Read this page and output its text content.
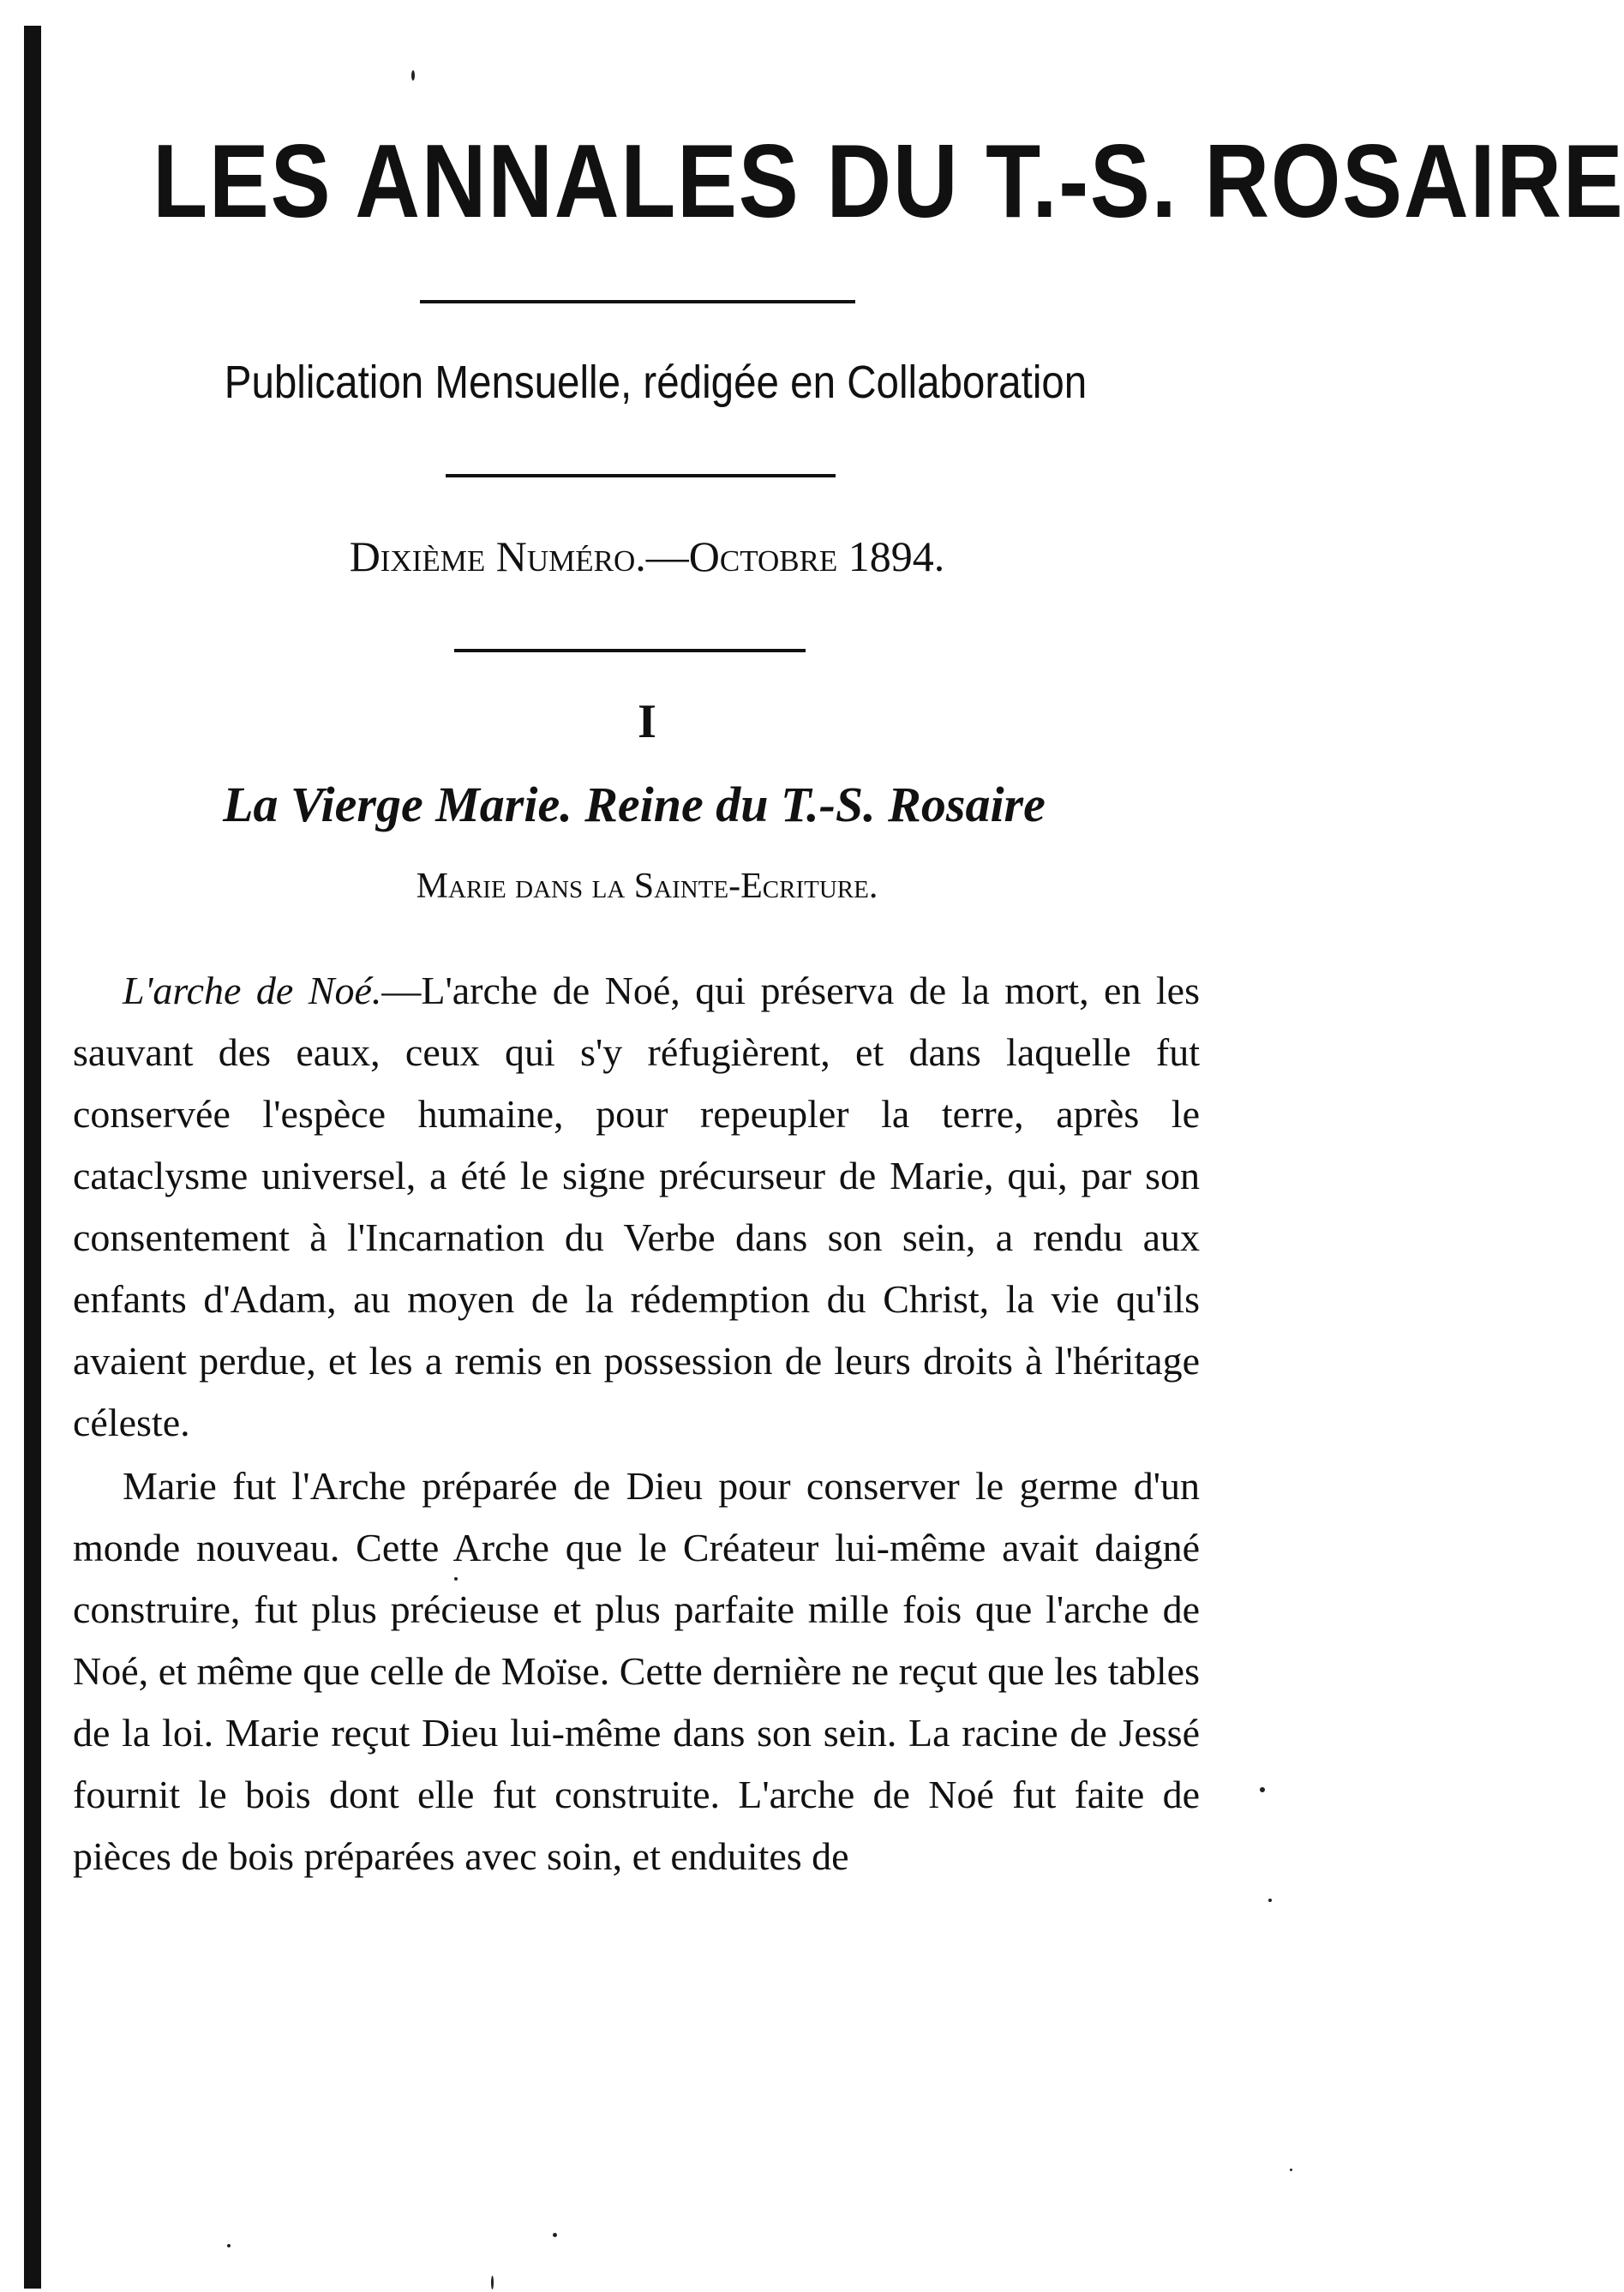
LES ANNALES DU T.-S. ROSAIRE
Publication Mensuelle, rédigée en Collaboration
Dixième Numéro.—Octobre 1894.
I
La Vierge Marie. Reine du T.-S. Rosaire
Marie dans la Sainte-Ecriture.

L'arche de Noé.—L'arche de Noé, qui préserva de la mort, en les sauvant des eaux, ceux qui s'y réfugièrent, et dans laquelle fut conservée l'espèce humaine, pour repeupler la terre, après le cataclysme universel, a été le signe précurseur de Marie, qui, par son consentement à l'Incarnation du Verbe dans son sein, a rendu aux enfants d'Adam, au moyen de la rédemption du Christ, la vie qu'ils avaient perdue, et les a remis en possession de leurs droits à l'héritage céleste.

Marie fut l'Arche préparée de Dieu pour conserver le germe d'un monde nouveau. Cette Arche que le Créateur lui-même avait daigné construire, fut plus précieuse et plus parfaite mille fois que l'arche de Noé, et même que celle de Moïse. Cette dernière ne reçut que les tables de la loi. Marie reçut Dieu lui-même dans son sein. La racine de Jessé fournit le bois dont elle fut construite. L'arche de Noé fut faite de pièces de bois préparées avec soin, et enduites de
